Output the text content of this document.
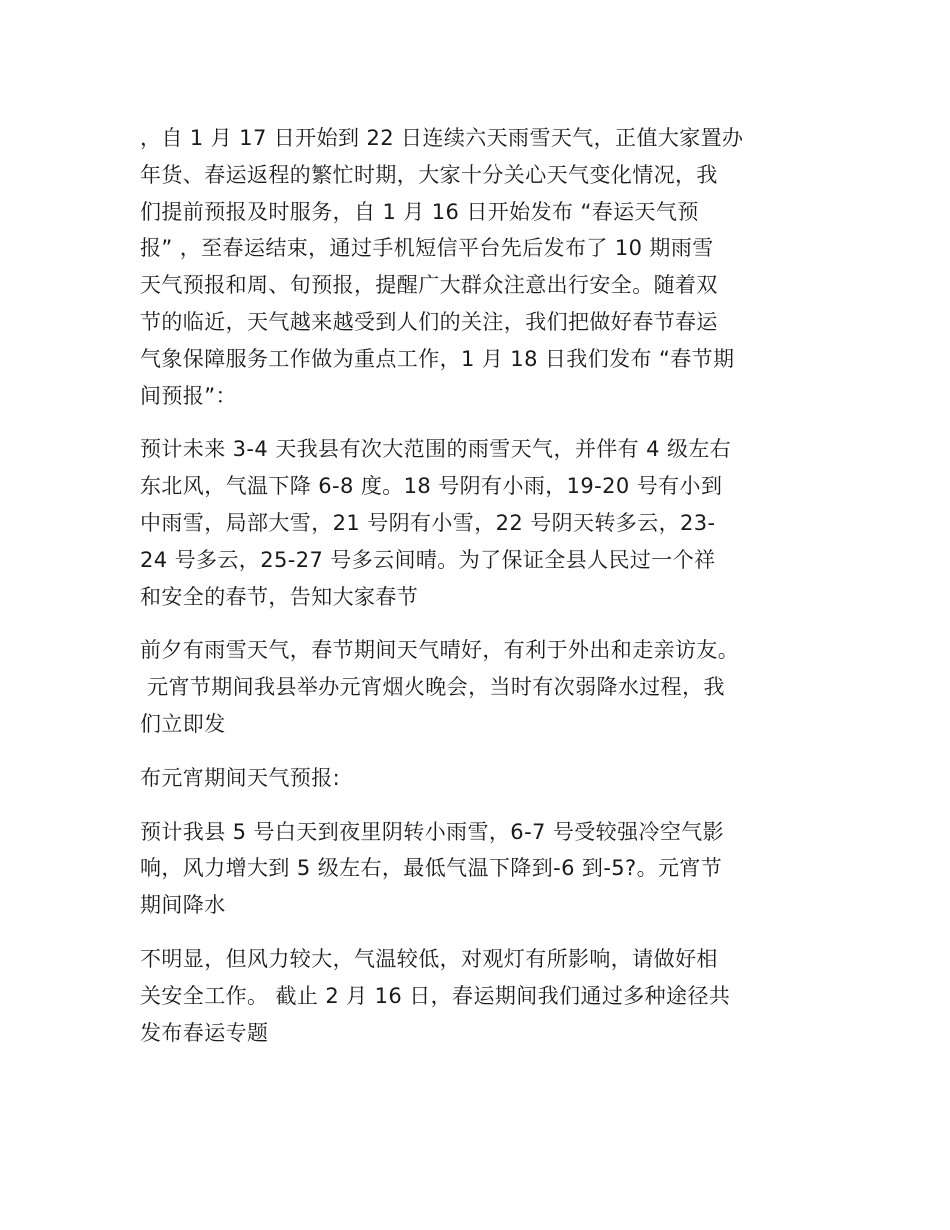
，自 1 月 17 日开始到 22 日连续六天雨雪天气，正值大家置办
年货、春运返程的繁忙时期，大家十分关心天气变化情况，我
们提前预报及时服务，自 1 月 16 日开始发布 “春运天气预
报” ，至春运结束，通过手机短信平台先后发布了 10 期雨雪
天气预报和周、旬预报，提醒广大群众注意出行安全。随着双
节的临近，天气越来越受到人们的关注，我们把做好春节春运
气象保障服务工作做为重点工作，1 月 18 日我们发布 “春节期
间预报”：
预计未来 3-4 天我县有次大范围的雨雪天气，并伴有 4 级左右
东北风，气温下降 6-8 度。18 号阴有小雨，19-20 号有小到
中雨雪，局部大雪，21 号阴有小雪，22 号阴天转多云，23-
24 号多云，25-27 号多云间晴。为了保证全县人民过一个祥
和安全的春节，告知大家春节
前夕有雨雪天气，春节期间天气晴好，有利于外出和走亲访友。
元宵节期间我县举办元宵烟火晚会，当时有次弱降水过程，我
们立即发
布元宵期间天气预报:
预计我县 5 号白天到夜里阴转小雨雪，6-7 号受较强冷空气影
响，风力增大到 5 级左右，最低气温下降到-6 到-5?。元宵节
期间降水
不明显，但风力较大，气温较低，对观灯有所影响，请做好相
关安全工作。 截止 2 月 16 日，春运期间我们通过多种途径共
发布春运专题
